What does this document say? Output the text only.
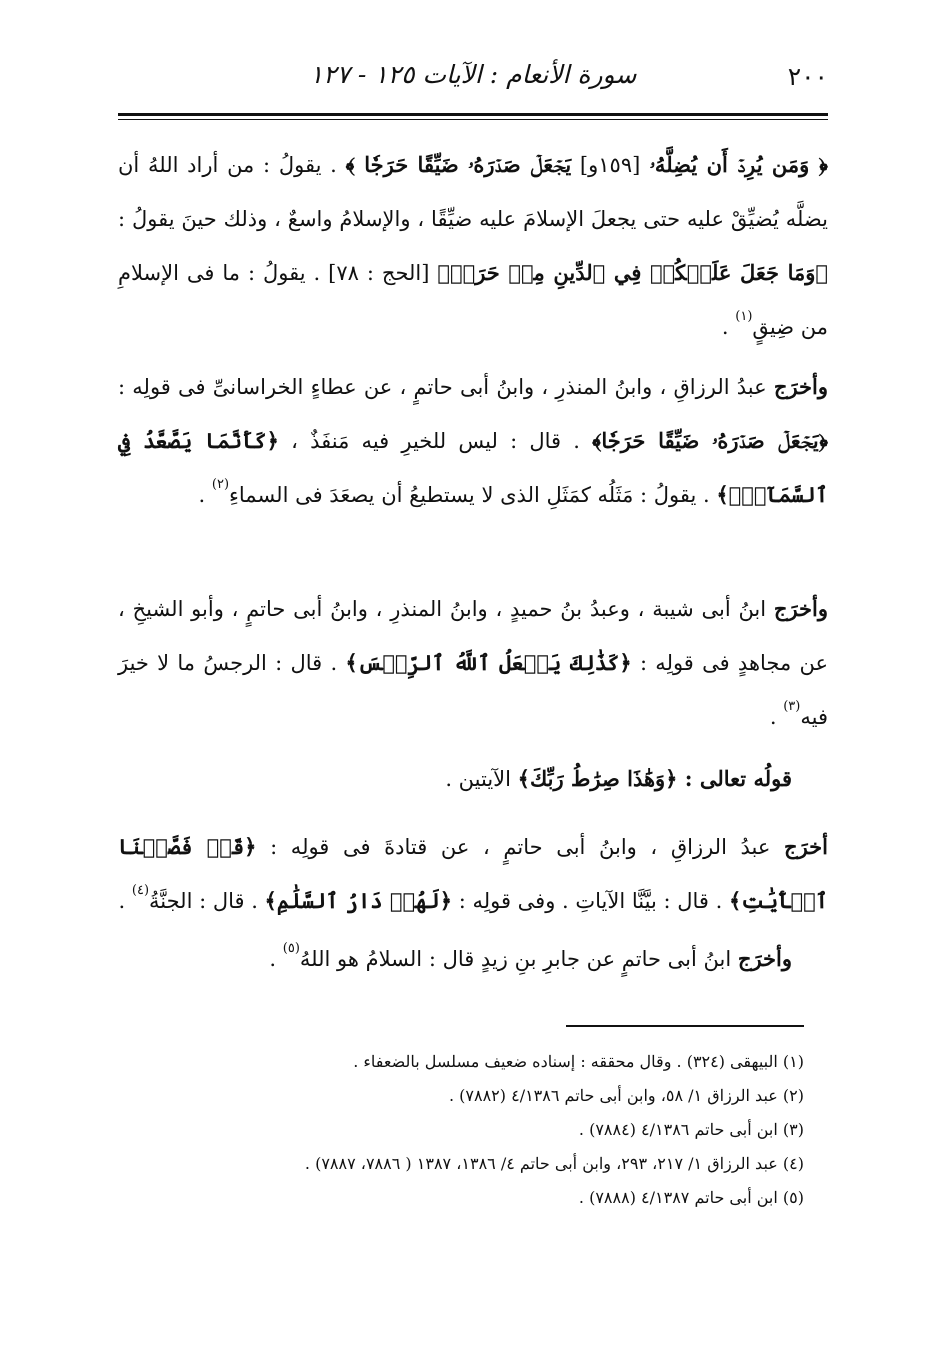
٢٠٠
سورة الأنعام : الآيات ١٢٥ - ١٢٧
﴿ وَمَن يُرِدۡ أَن يُضِلَّهُۥ [١٥٩و] يَجۡعَلۡ صَدۡرَهُۥ ضَيِّقًا حَرَجٗا ﴾ . يقولُ : من أراد اللهُ أن يضلَّه يُضيِّقْ عليه حتى يجعلَ الإسلامَ عليه ضيِّقًا ، والإسلامُ واسعٌ ، وذلك حينَ يقولُ : ﴿وَمَا جَعَلَ عَلَيۡكُمۡ فِي ٱلدِّينِ مِنۡ حَرَجٖ﴾ [الحج : ٧٨] . يقولُ : ما فى الإسلامِ من ضِيقٍ$^{(١)}$ .
وأخرَج عبدُ الرزاقِ ، وابنُ المنذرِ ، وابنُ أبى حاتمٍ ، عن عطاءٍ الخراسانىِّ فى قولِه : ﴿يَجۡعَلۡ صَدۡرَهُۥ ضَيِّقًا حَرَجٗا﴾ . قال : ليس للخيرِ فيه مَنفَذٌ ، ﴿كَأَنَّمَا يَصَّعَّدُ فِي ٱلسَّمَآءِۚ﴾ . يقولُ : مَثَلُه كمَثَلِ الذى لا يستطيعُ أن يصعَدَ فى السماءِ$^{(٢)}$ .
وأخرَج ابنُ أبى شيبة ، وعبدُ بنُ حميدٍ ، وابنُ المنذرِ ، وابنُ أبى حاتمٍ ، وأبو الشيخِ ، عن مجاهدٍ فى قولِه : ﴿كَذَٰلِكَ يَجۡعَلُ ٱللَّهُ ٱلرِّجۡسَ﴾ . قال : الرجسُ ما لا خيرَ فيه$^{(٣)}$ .
قولُه تعالى : ﴿وَهَٰذَا صِرَٰطُ رَبِّكَ﴾ الآيتين .
أخرَج عبدُ الرزاقِ ، وابنُ أبى حاتمٍ ، عن قتادةَ فى قولِه : ﴿قَدۡ فَصَّلۡنَا ٱلۡأٓيَٰتِ﴾ . قال : بيَّنَّا الآياتِ . وفى قولِه : ﴿لَهُمۡ دَارُ ٱلسَّلَٰمِ﴾ . قال : الجنَّةُ$^{(٤)}$ .
وأخرَج ابنُ أبى حاتمٍ عن جابرِ بنِ زيدٍ قال : السلامُ هو اللهُ$^{(٥)}$ .
(١) البيهقى (٣٢٤) . وقال محققه : إسناده ضعيف مسلسل بالضعفاء .
(٢) عبد الرزاق ١/ ٥٨، وابن أبى حاتم ٤/١٣٨٦ (٧٨٨٢) .
(٣) ابن أبى حاتم ٤/١٣٨٦ (٧٨٨٤) .
(٤) عبد الرزاق ١/ ٢١٧، ٢٩٣، وابن أبى حاتم ٤/ ١٣٨٦، ١٣٨٧ ( ٧٨٨٦، ٧٨٨٧) .
(٥) ابن أبى حاتم ٤/١٣٨٧ (٧٨٨٨) .
